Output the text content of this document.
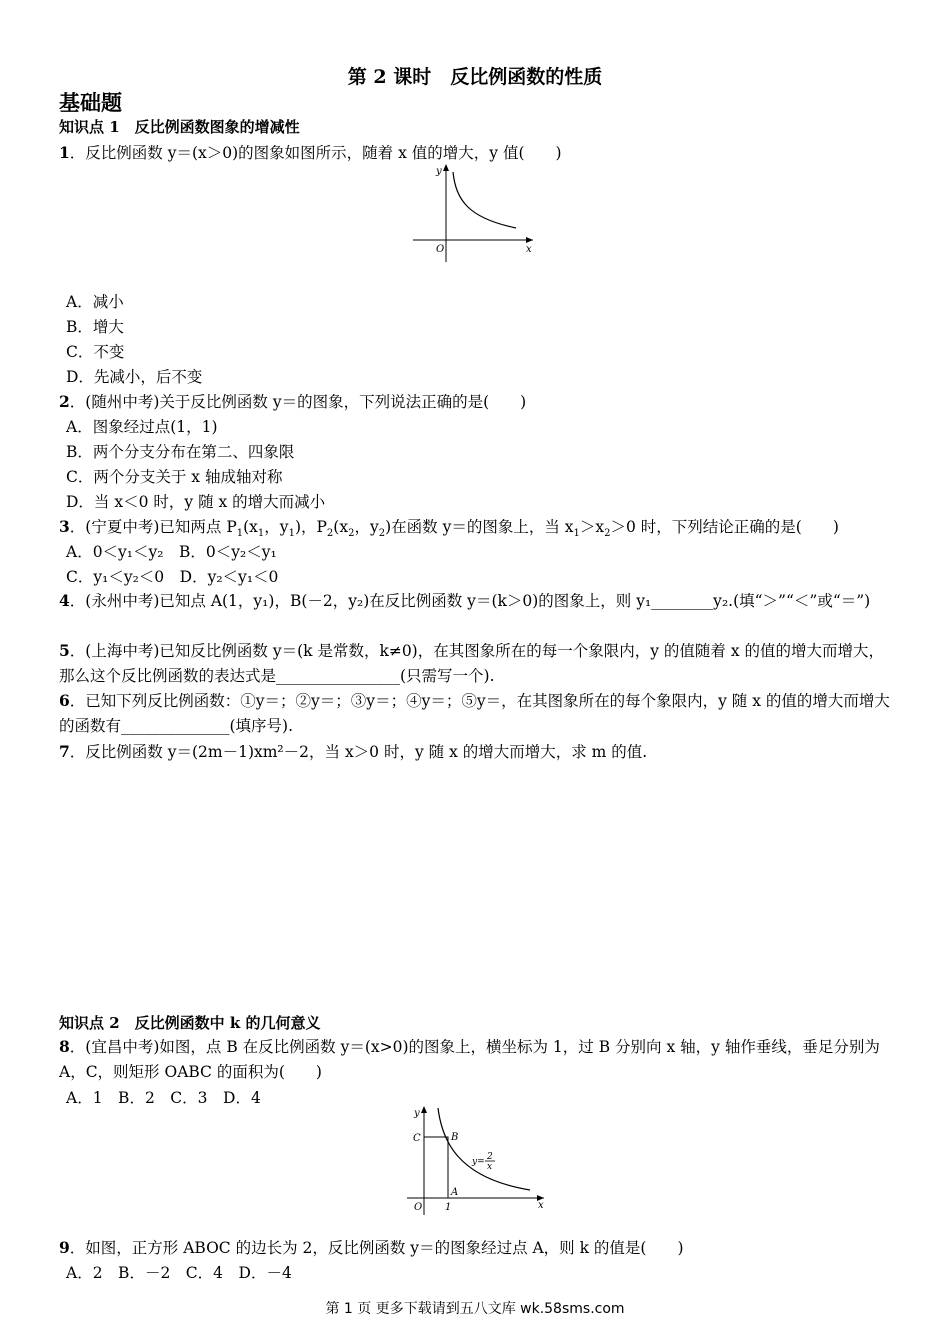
第 2 课时　反比例函数的性质
基础题
知识点 1　反比例函数图象的增减性
1．反比例函数 y＝(x＞0)的图象如图所示，随着 x 值的增大，y 值(　　)
y
x
O
A．减小
B．增大
C．不变
D．先减小，后不变
2．(随州中考)关于反比例函数 y＝的图象，下列说法正确的是(　　)
A．图象经过点(1，1)
B．两个分支分布在第二、四象限
C．两个分支关于 x 轴成轴对称
D．当 x＜0 时，y 随 x 的增大而减小
3．(宁夏中考)已知两点 $P_1(x_1$，$y_1$)，$P_2(x_2$，$y_2$)在函数 y＝的图象上，当 $x_1>x_2>0$ 时，下列结论正确的是(　　)
A．0＜y₁＜y₂　B．0＜y₂＜y₁
C．y₁＜y₂＜0　D．y₂＜y₁＜0
4．(永州中考)已知点 A(1，y₁)，B(－2，y₂)在反比例函数 y＝(k＞0)的图象上，则 y₁________y₂.(填“＞”“＜”或“＝”)
5．(上海中考)已知反比例函数 y＝(k 是常数，k≠0)，在其图象所在的每一个象限内，y 的值随着 x 的值的增大而增大，那么这个反比例函数的表达式是________________(只需写一个).
6．已知下列反比例函数：①y＝；②y＝；③y＝；④y＝；⑤y＝，在其图象所在的每个象限内，y 随 x 的值的增大而增大的函数有______________(填序号).
7．反比例函数 y＝(2m－1)xm²－2，当 x＞0 时，y 随 x 的增大而增大，求 m 的值.
知识点 2　反比例函数中 k 的几何意义
8．(宜昌中考)如图，点 B 在反比例函数 y＝(x>0)的图象上，横坐标为 1，过 B 分别向 x 轴，y 轴作垂线，垂足分别为 A，C，则矩形 OABC 的面积为(　　)
A．1　B．2　C．3　D．4
y
x
O
C	B
A
1
y= 2
x
9．如图，正方形 ABOC 的边长为 2，反比例函数 y＝的图象经过点 A，则 k 的值是(　　)
A．2　B．－2　C．4　D．－4
第 1 页 更多下载请到五八文库 wk.58sms.com
